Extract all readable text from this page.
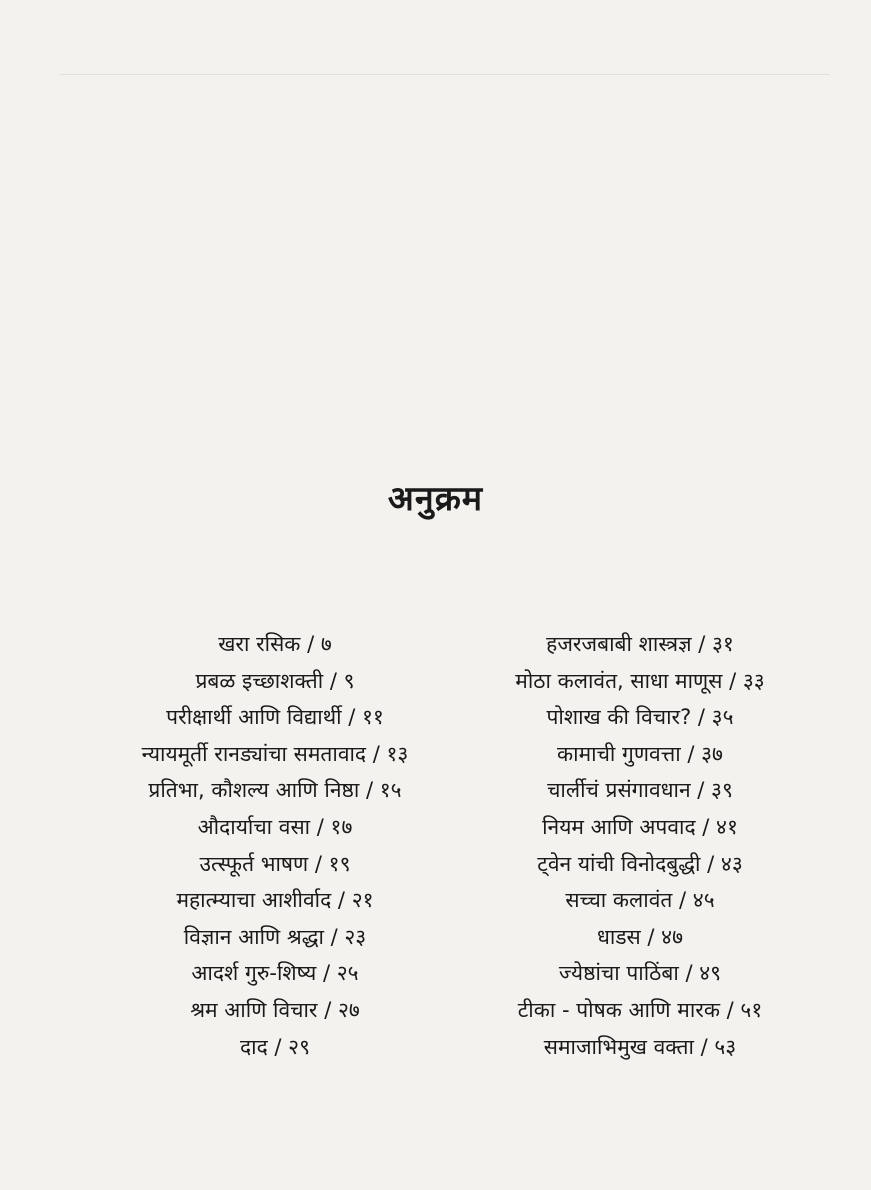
अनुक्रम
खरा रसिक / ७
प्रबळ इच्छाशक्ती / ९
परीक्षार्थी आणि विद्यार्थी / ११
न्यायमूर्ती रानड्यांचा समतावाद / १३
प्रतिभा, कौशल्य आणि निष्ठा / १५
औदार्याचा वसा / १७
उत्स्फूर्त भाषण / १९
महात्म्याचा आशीर्वाद / २१
विज्ञान आणि श्रद्धा / २३
आदर्श गुरु-शिष्य / २५
श्रम आणि विचार / २७
दाद / २९
हजरजबाबी शास्त्रज्ञ / ३१
मोठा कलावंत, साधा माणूस / ३३
पोशाख की विचार? / ३५
कामाची गुणवत्ता / ३७
चार्लीचं प्रसंगावधान / ३९
नियम आणि अपवाद / ४१
ट्वेन यांची विनोदबुद्धी / ४३
सच्चा कलावंत / ४५
धाडस / ४७
ज्येष्ठांचा पाठिंबा / ४९
टीका - पोषक आणि मारक / ५१
समाजाभिमुख वक्ता / ५३
